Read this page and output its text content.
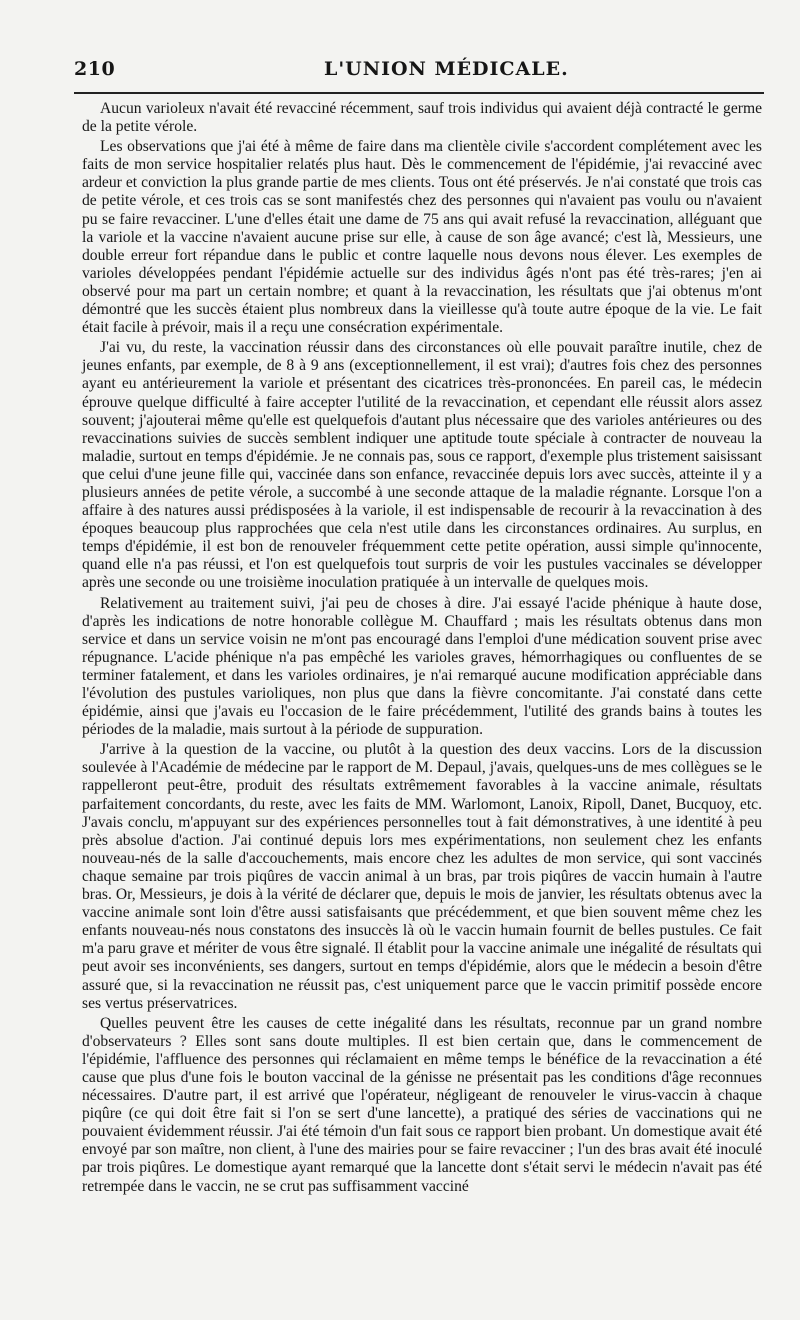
210	L'UNION MÉDICALE.

Aucun varioleux n'avait été revacciné récemment, sauf trois individus qui avaient déjà contracté le germe de la petite vérole.

Les observations que j'ai été à même de faire dans ma clientèle civile s'accordent complétement avec les faits de mon service hospitalier relatés plus haut. Dès le commencement de l'épidémie, j'ai revacciné avec ardeur et conviction la plus grande partie de mes clients. Tous ont été préservés. Je n'ai constaté que trois cas de petite vérole, et ces trois cas se sont manifestés chez des personnes qui n'avaient pas voulu ou n'avaient pu se faire revacciner. L'une d'elles était une dame de 75 ans qui avait refusé la revaccination, alléguant que la variole et la vaccine n'avaient aucune prise sur elle, à cause de son âge avancé; c'est là, Messieurs, une double erreur fort répandue dans le public et contre laquelle nous devons nous élever. Les exemples de varioles développées pendant l'épidémie actuelle sur des individus âgés n'ont pas été très-rares; j'en ai observé pour ma part un certain nombre; et quant à la revaccination, les résultats que j'ai obtenus m'ont démontré que les succès étaient plus nombreux dans la vieillesse qu'à toute autre époque de la vie. Le fait était facile à prévoir, mais il a reçu une consécration expérimentale.

J'ai vu, du reste, la vaccination réussir dans des circonstances où elle pouvait paraître inutile, chez de jeunes enfants, par exemple, de 8 à 9 ans (exceptionnellement, il est vrai); d'autres fois chez des personnes ayant eu antérieurement la variole et présentant des cicatrices très-prononcées. En pareil cas, le médecin éprouve quelque difficulté à faire accepter l'utilité de la revaccination, et cependant elle réussit alors assez souvent; j'ajouterai même qu'elle est quelquefois d'autant plus nécessaire que des varioles antérieures ou des revaccinations suivies de succès semblent indiquer une aptitude toute spéciale à contracter de nouveau la maladie, surtout en temps d'épidémie. Je ne connais pas, sous ce rapport, d'exemple plus tristement saisissant que celui d'une jeune fille qui, vaccinée dans son enfance, revaccinée depuis lors avec succès, atteinte il y a plusieurs années de petite vérole, a succombé à une seconde attaque de la maladie régnante. Lorsque l'on a affaire à des natures aussi prédisposées à la variole, il est indispensable de recourir à la revaccination à des époques beaucoup plus rapprochées que cela n'est utile dans les circonstances ordinaires. Au surplus, en temps d'épidémie, il est bon de renouveler fréquemment cette petite opération, aussi simple qu'innocente, quand elle n'a pas réussi, et l'on est quelquefois tout surpris de voir les pustules vaccinales se développer après une seconde ou une troisième inoculation pratiquée à un intervalle de quelques mois.

Relativement au traitement suivi, j'ai peu de choses à dire. J'ai essayé l'acide phénique à haute dose, d'après les indications de notre honorable collègue M. Chauffard ; mais les résultats obtenus dans mon service et dans un service voisin ne m'ont pas encouragé dans l'emploi d'une médication souvent prise avec répugnance. L'acide phénique n'a pas empêché les varioles graves, hémorrhagiques ou confluentes de se terminer fatalement, et dans les varioles ordinaires, je n'ai remarqué aucune modification appréciable dans l'évolution des pustules varioliques, non plus que dans la fièvre concomitante. J'ai constaté dans cette épidémie, ainsi que j'avais eu l'occasion de le faire précédemment, l'utilité des grands bains à toutes les périodes de la maladie, mais surtout à la période de suppuration.

J'arrive à la question de la vaccine, ou plutôt à la question des deux vaccins. Lors de la discussion soulevée à l'Académie de médecine par le rapport de M. Depaul, j'avais, quelques-uns de mes collègues se le rappelleront peut-être, produit des résultats extrêmement favorables à la vaccine animale, résultats parfaitement concordants, du reste, avec les faits de MM. Warlomont, Lanoix, Ripoll, Danet, Bucquoy, etc. J'avais conclu, m'appuyant sur des expériences personnelles tout à fait démonstratives, à une identité à peu près absolue d'action. J'ai continué depuis lors mes expérimentations, non seulement chez les enfants nouveau-nés de la salle d'accouchements, mais encore chez les adultes de mon service, qui sont vaccinés chaque semaine par trois piqûres de vaccin animal à un bras, par trois piqûres de vaccin humain à l'autre bras. Or, Messieurs, je dois à la vérité de déclarer que, depuis le mois de janvier, les résultats obtenus avec la vaccine animale sont loin d'être aussi satisfaisants que précédemment, et que bien souvent même chez les enfants nouveau-nés nous constatons des insuccès là où le vaccin humain fournit de belles pustules. Ce fait m'a paru grave et mériter de vous être signalé. Il établit pour la vaccine animale une inégalité de résultats qui peut avoir ses inconvénients, ses dangers, surtout en temps d'épidémie, alors que le médecin a besoin d'être assuré que, si la revaccination ne réussit pas, c'est uniquement parce que le vaccin primitif possède encore ses vertus préservatrices.

Quelles peuvent être les causes de cette inégalité dans les résultats, reconnue par un grand nombre d'observateurs ? Elles sont sans doute multiples. Il est bien certain que, dans le commencement de l'épidémie, l'affluence des personnes qui réclamaient en même temps le bénéfice de la revaccination a été cause que plus d'une fois le bouton vaccinal de la génisse ne présentait pas les conditions d'âge reconnues nécessaires. D'autre part, il est arrivé que l'opérateur, négligeant de renouveler le virus-vaccin à chaque piqûre (ce qui doit être fait si l'on se sert d'une lancette), a pratiqué des séries de vaccinations qui ne pouvaient évidemment réussir. J'ai été témoin d'un fait sous ce rapport bien probant. Un domestique avait été envoyé par son maître, non client, à l'une des mairies pour se faire revacciner ; l'un des bras avait été inoculé par trois piqûres. Le domestique ayant remarqué que la lancette dont s'était servi le médecin n'avait pas été retrempée dans le vaccin, ne se crut pas suffisamment vacciné
